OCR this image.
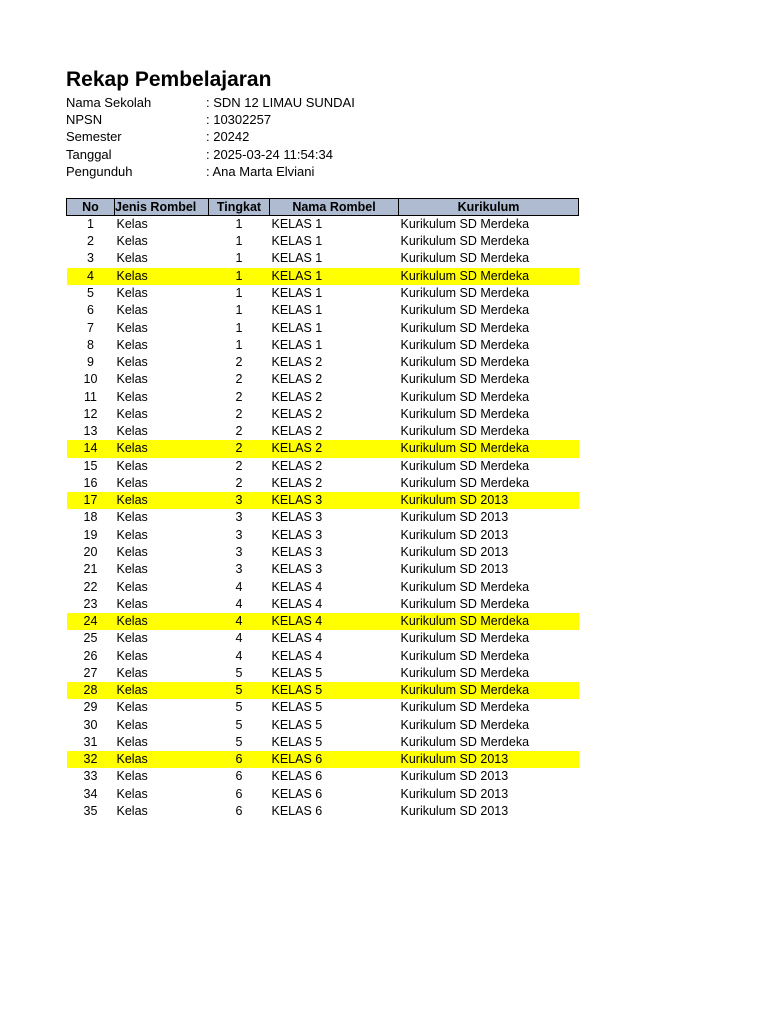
Rekap Pembelajaran
Nama Sekolah	: SDN 12 LIMAU SUNDAI
NPSN	: 10302257
Semester	: 20242
Tanggal	: 2025-03-24 11:54:34
Pengunduh	: Ana Marta Elviani
No	Jenis Rombel	Tingkat	Nama Rombel	Kurikulum
1	Kelas	1	KELAS 1	Kurikulum SD Merdeka
2	Kelas	1	KELAS 1	Kurikulum SD Merdeka
3	Kelas	1	KELAS 1	Kurikulum SD Merdeka
4	Kelas	1	KELAS 1	Kurikulum SD Merdeka
5	Kelas	1	KELAS 1	Kurikulum SD Merdeka
6	Kelas	1	KELAS 1	Kurikulum SD Merdeka
7	Kelas	1	KELAS 1	Kurikulum SD Merdeka
8	Kelas	1	KELAS 1	Kurikulum SD Merdeka
9	Kelas	2	KELAS 2	Kurikulum SD Merdeka
10	Kelas	2	KELAS 2	Kurikulum SD Merdeka
11	Kelas	2	KELAS 2	Kurikulum SD Merdeka
12	Kelas	2	KELAS 2	Kurikulum SD Merdeka
13	Kelas	2	KELAS 2	Kurikulum SD Merdeka
14	Kelas	2	KELAS 2	Kurikulum SD Merdeka
15	Kelas	2	KELAS 2	Kurikulum SD Merdeka
16	Kelas	2	KELAS 2	Kurikulum SD Merdeka
17	Kelas	3	KELAS 3	Kurikulum SD 2013
18	Kelas	3	KELAS 3	Kurikulum SD 2013
19	Kelas	3	KELAS 3	Kurikulum SD 2013
20	Kelas	3	KELAS 3	Kurikulum SD 2013
21	Kelas	3	KELAS 3	Kurikulum SD 2013
22	Kelas	4	KELAS 4	Kurikulum SD Merdeka
23	Kelas	4	KELAS 4	Kurikulum SD Merdeka
24	Kelas	4	KELAS 4	Kurikulum SD Merdeka
25	Kelas	4	KELAS 4	Kurikulum SD Merdeka
26	Kelas	4	KELAS 4	Kurikulum SD Merdeka
27	Kelas	5	KELAS 5	Kurikulum SD Merdeka
28	Kelas	5	KELAS 5	Kurikulum SD Merdeka
29	Kelas	5	KELAS 5	Kurikulum SD Merdeka
30	Kelas	5	KELAS 5	Kurikulum SD Merdeka
31	Kelas	5	KELAS 5	Kurikulum SD Merdeka
32	Kelas	6	KELAS 6	Kurikulum SD 2013
33	Kelas	6	KELAS 6	Kurikulum SD 2013
34	Kelas	6	KELAS 6	Kurikulum SD 2013
35	Kelas	6	KELAS 6	Kurikulum SD 2013
